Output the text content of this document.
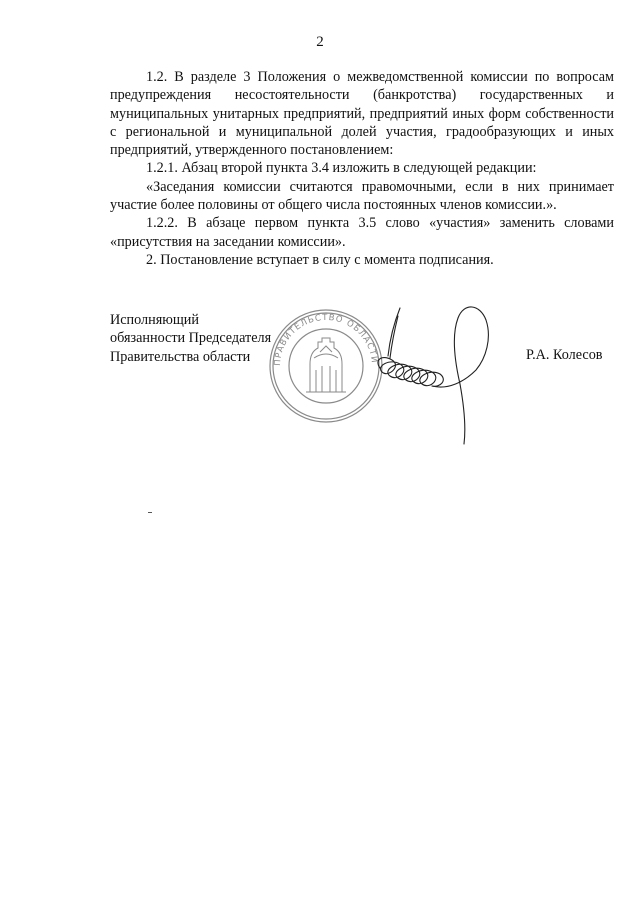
2

1.2. В разделе 3 Положения о межведомственной комиссии по вопросам предупреждения несостоятельности (банкротства) государственных и муниципальных унитарных предприятий, предприятий иных форм собственности с региональной и муниципальной долей участия, градообразующих и иных предприятий, утвержденного постановлением:

1.2.1. Абзац второй пункта 3.4 изложить в следующей редакции:

«Заседания комиссии считаются правомочными, если в них принимает участие более половины от общего числа постоянных членов комиссии.».

1.2.2. В абзаце первом пункта 3.5 слово «участия» заменить словами «присутствия на заседании комиссии».

2. Постановление вступает в силу с момента подписания.

Исполняющий
обязанности Председателя
Правительства области	ПРАВИТЕЛЬСТВО ОБЛАСТИ	Р.А. Колесов
